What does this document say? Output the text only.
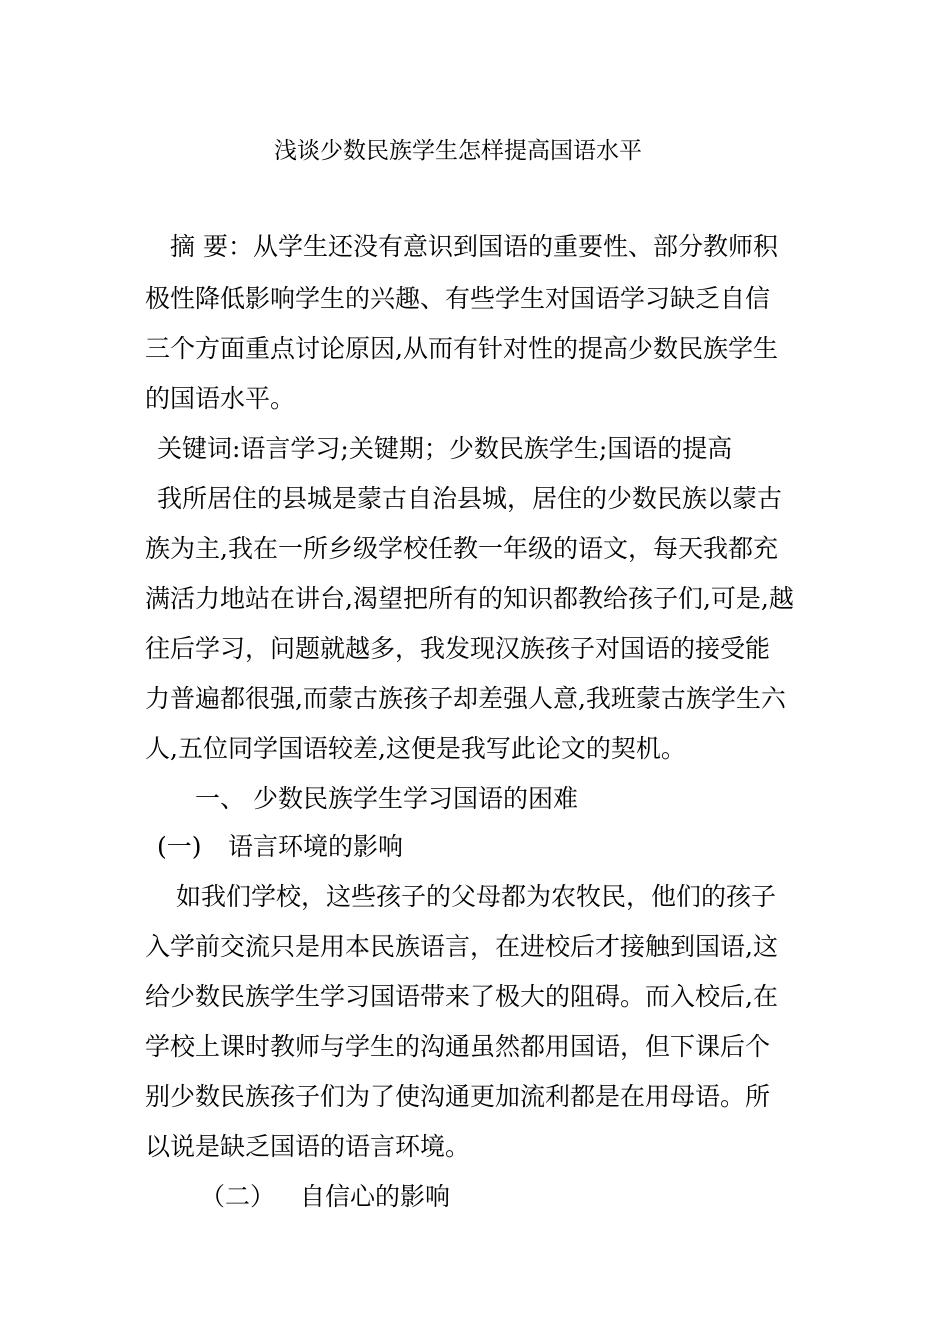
浅谈少数民族学生怎样提高国语水平
摘 要：从学生还没有意识到国语的重要性、部分教师积
极性降低影响学生的兴趣、有些学生对国语学习缺乏自信
三个方面重点讨论原因,从而有针对性的提高少数民族学生
的国语水平。
关键词:语言学习;关键期；少数民族学生;国语的提高
我所居住的县城是蒙古自治县城，居住的少数民族以蒙古
族为主,我在一所乡级学校任教一年级的语文，每天我都充
满活力地站在讲台,渴望把所有的知识都教给孩子们,可是,越
往后学习，问题就越多，我发现汉族孩子对国语的接受能
力普遍都很强,而蒙古族孩子却差强人意,我班蒙古族学生六
人,五位同学国语较差,这便是我写此论文的契机。
一、 少数民族学生学习国语的困难
(一) 语言环境的影响
如我们学校，这些孩子的父母都为农牧民，他们的孩子
入学前交流只是用本民族语言，在进校后才接触到国语,这
给少数民族学生学习国语带来了极大的阻碍。而入校后,在
学校上课时教师与学生的沟通虽然都用国语，但下课后个
别少数民族孩子们为了使沟通更加流利都是在用母语。所
以说是缺乏国语的语言环境。
（二） 自信心的影响
